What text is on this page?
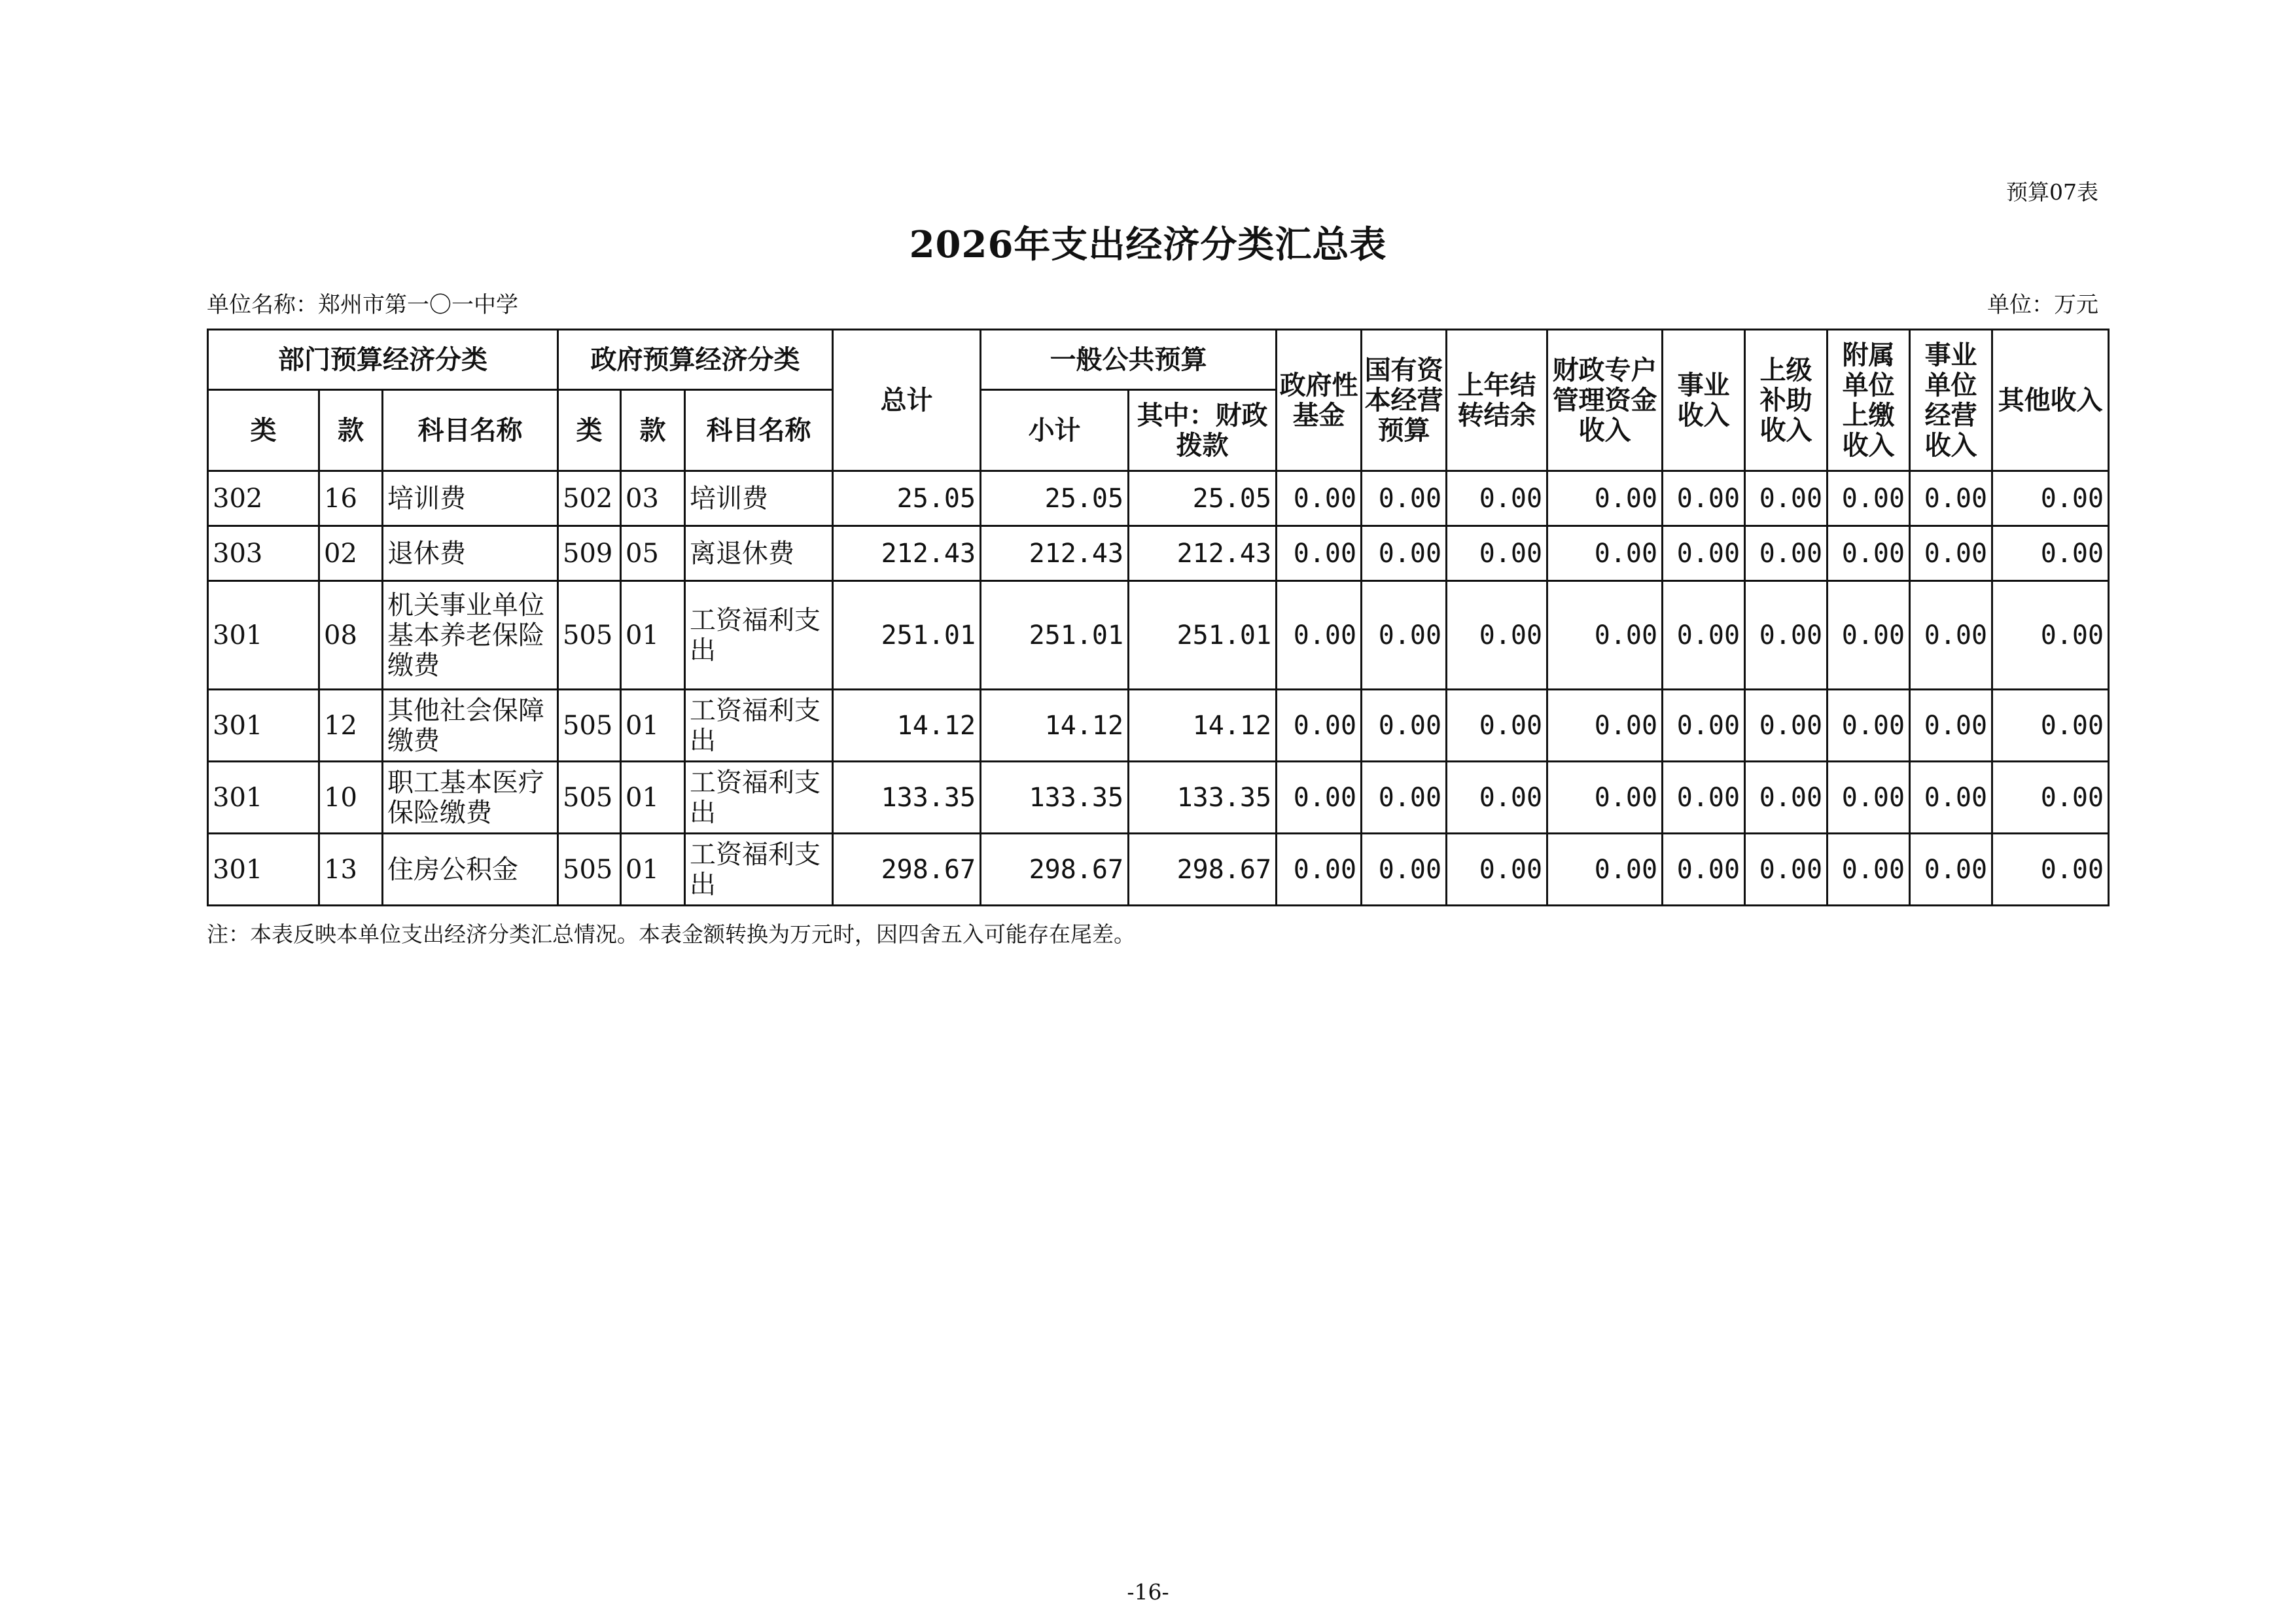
预算07表
2026年支出经济分类汇总表
单位名称：郑州市第一〇一中学	单位：万元
部门预算经济分类			政府预算经济分类			总计	一般公共预算		政府性基金	国有资本经营预算	上年结转结余	财政专户管理资金收入	事业收入	上级补助收入	附属单位上缴收入	事业单位经营收入	其他收入
类	款	科目名称	类	款	科目名称		小计	其中：财政拨款									
302	16	培训费	502	03	培训费	25.05	25.05	25.05	0.00	0.00	0.00	0.00	0.00	0.00	0.00	0.00	0.00
303	02	退休费	509	05	离退休费	212.43	212.43	212.43	0.00	0.00	0.00	0.00	0.00	0.00	0.00	0.00	0.00
301	08	机关事业单位基本养老保险缴费	505	01	工资福利支出	251.01	251.01	251.01	0.00	0.00	0.00	0.00	0.00	0.00	0.00	0.00	0.00
301	12	其他社会保障缴费	505	01	工资福利支出	14.12	14.12	14.12	0.00	0.00	0.00	0.00	0.00	0.00	0.00	0.00	0.00
301	10	职工基本医疗保险缴费	505	01	工资福利支出	133.35	133.35	133.35	0.00	0.00	0.00	0.00	0.00	0.00	0.00	0.00	0.00
301	13	住房公积金	505	01	工资福利支出	298.67	298.67	298.67	0.00	0.00	0.00	0.00	0.00	0.00	0.00	0.00	0.00
注：本表反映本单位支出经济分类汇总情况。本表金额转换为万元时，因四舍五入可能存在尾差。
-16-
